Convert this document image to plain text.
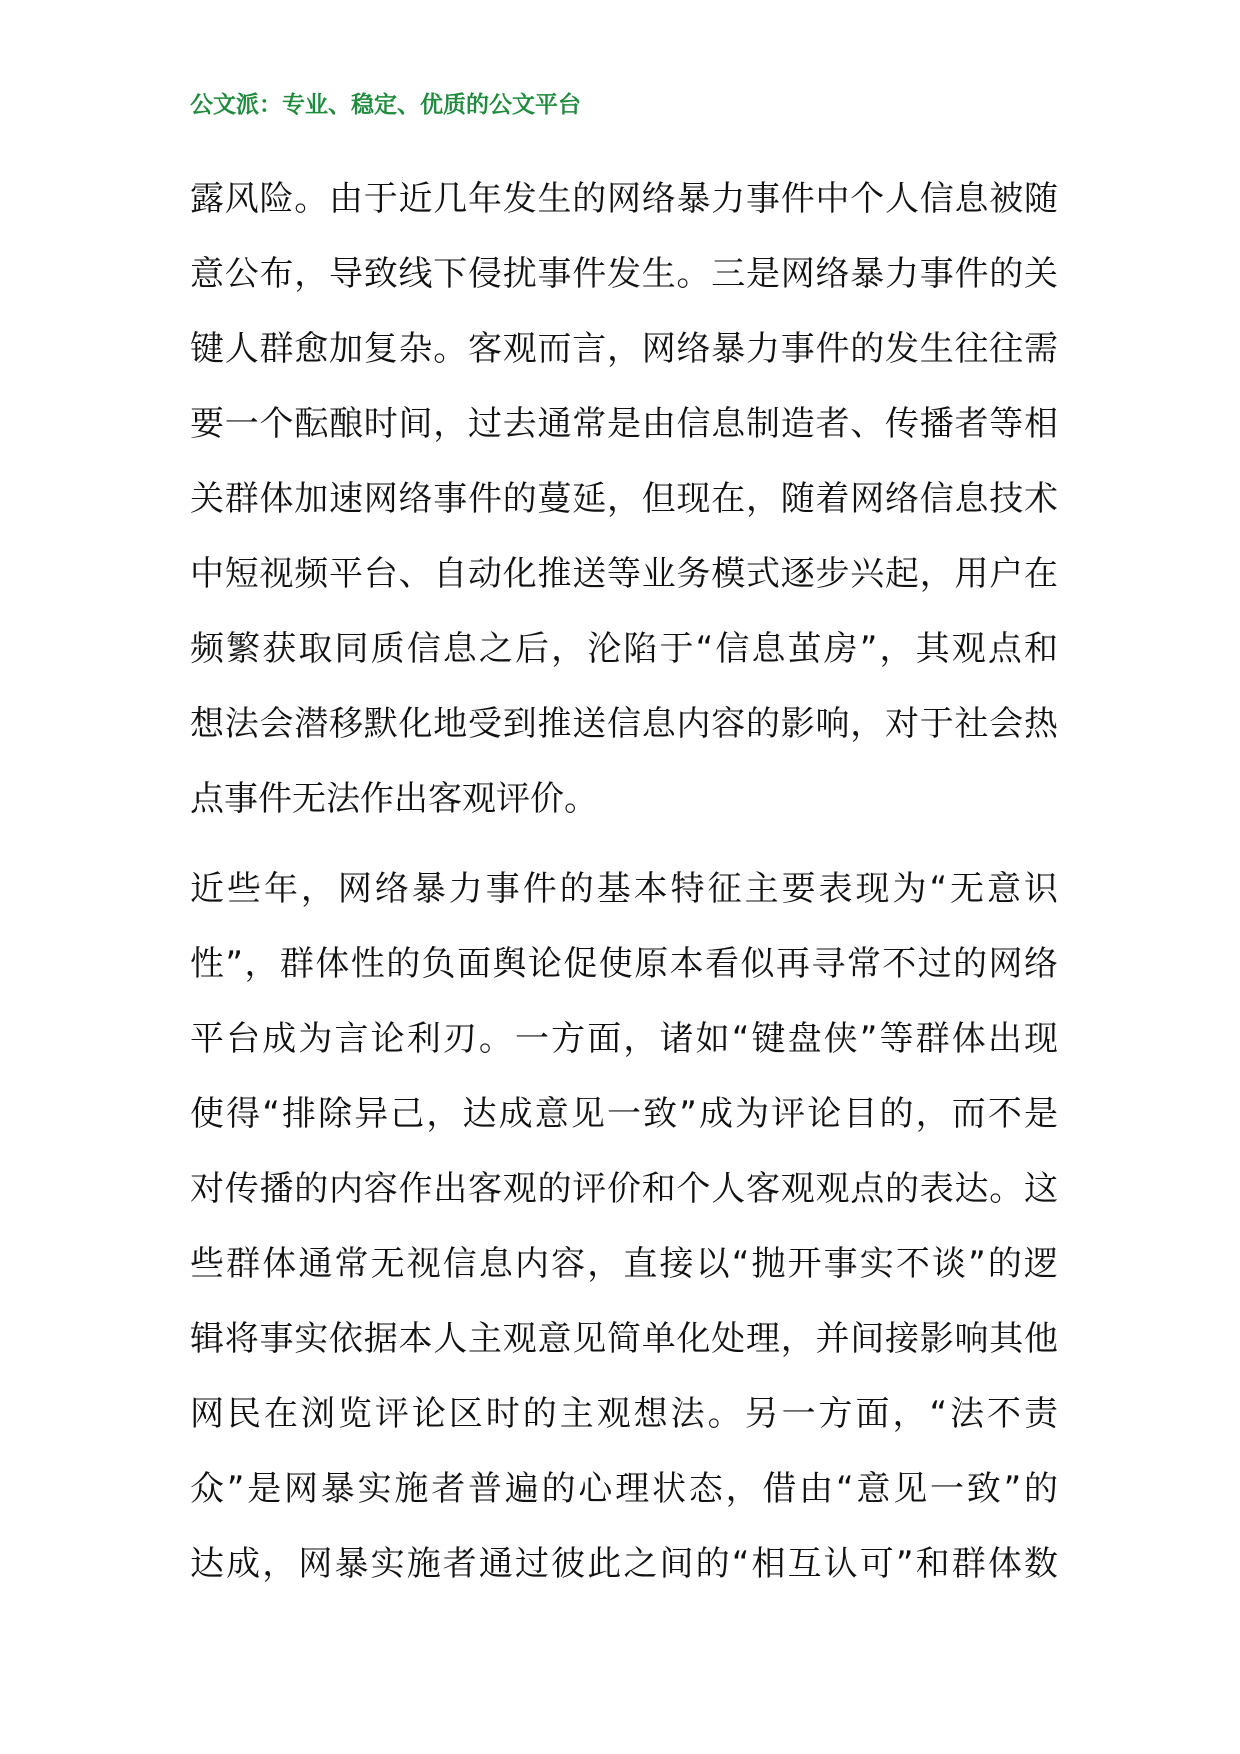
公文派：专业、稳定、优质的公文平台
露风险。由于近几年发生的网络暴力事件中个人信息被随
意公布，导致线下侵扰事件发生。三是网络暴力事件的关
键人群愈加复杂。客观而言，网络暴力事件的发生往往需
要一个酝酿时间，过去通常是由信息制造者、传播者等相
关群体加速网络事件的蔓延，但现在，随着网络信息技术
中短视频平台、自动化推送等业务模式逐步兴起，用户在
频繁获取同质信息之后，沦陷于“信息茧房”，其观点和
想法会潜移默化地受到推送信息内容的影响，对于社会热
点事件无法作出客观评价。
近些年，网络暴力事件的基本特征主要表现为“无意识
性”，群体性的负面舆论促使原本看似再寻常不过的网络
平台成为言论利刃。一方面，诸如“键盘侠”等群体出现
使得“排除异己，达成意见一致”成为评论目的，而不是
对传播的内容作出客观的评价和个人客观观点的表达。这
些群体通常无视信息内容，直接以“抛开事实不谈”的逻
辑将事实依据本人主观意见简单化处理，并间接影响其他
网民在浏览评论区时的主观想法。另一方面，“法不责
众”是网暴实施者普遍的心理状态，借由“意见一致”的
达成，网暴实施者通过彼此之间的“相互认可”和群体数
